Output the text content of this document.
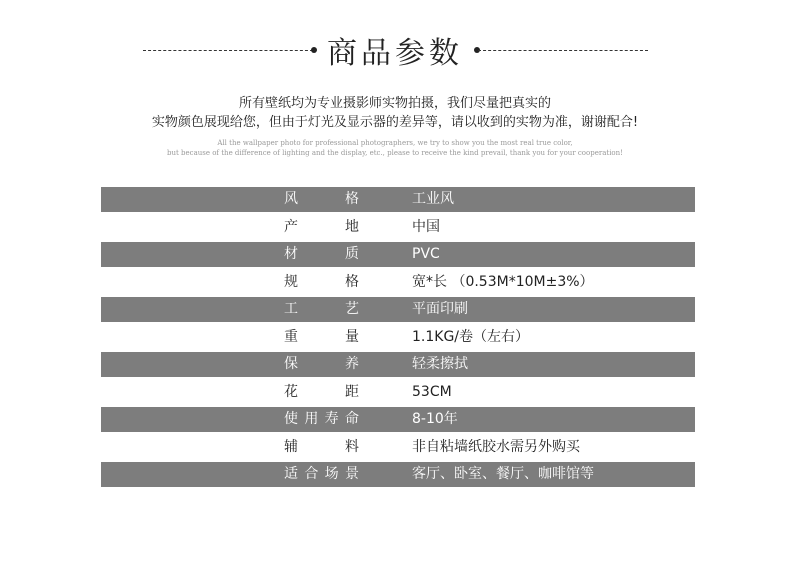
商品参数
所有壁纸均为专业摄影师实物拍摄，我们尽量把真实的
实物颜色展现给您，但由于灯光及显示器的差异等，请以收到的实物为准，谢谢配合!
All the wallpaper photo for professional photographers, we try to show you the most real true color,
but because of the difference of lighting and the display, etc., please to receive the kind prevail, thank you for your cooperation!
风	格	工业风
产	地	中国
材	质	PVC
规	格	宽*长 （0.53M*10M±3%）
工	艺	平面印刷
重	量	1.1KG/卷（左右）
保	养	轻柔擦拭
花	距	53CM
使 用 寿 命	8-10年
辅	料	非自粘墙纸胶水需另外购买
适 合 场 景	客厅、卧室、餐厅、咖啡馆等
